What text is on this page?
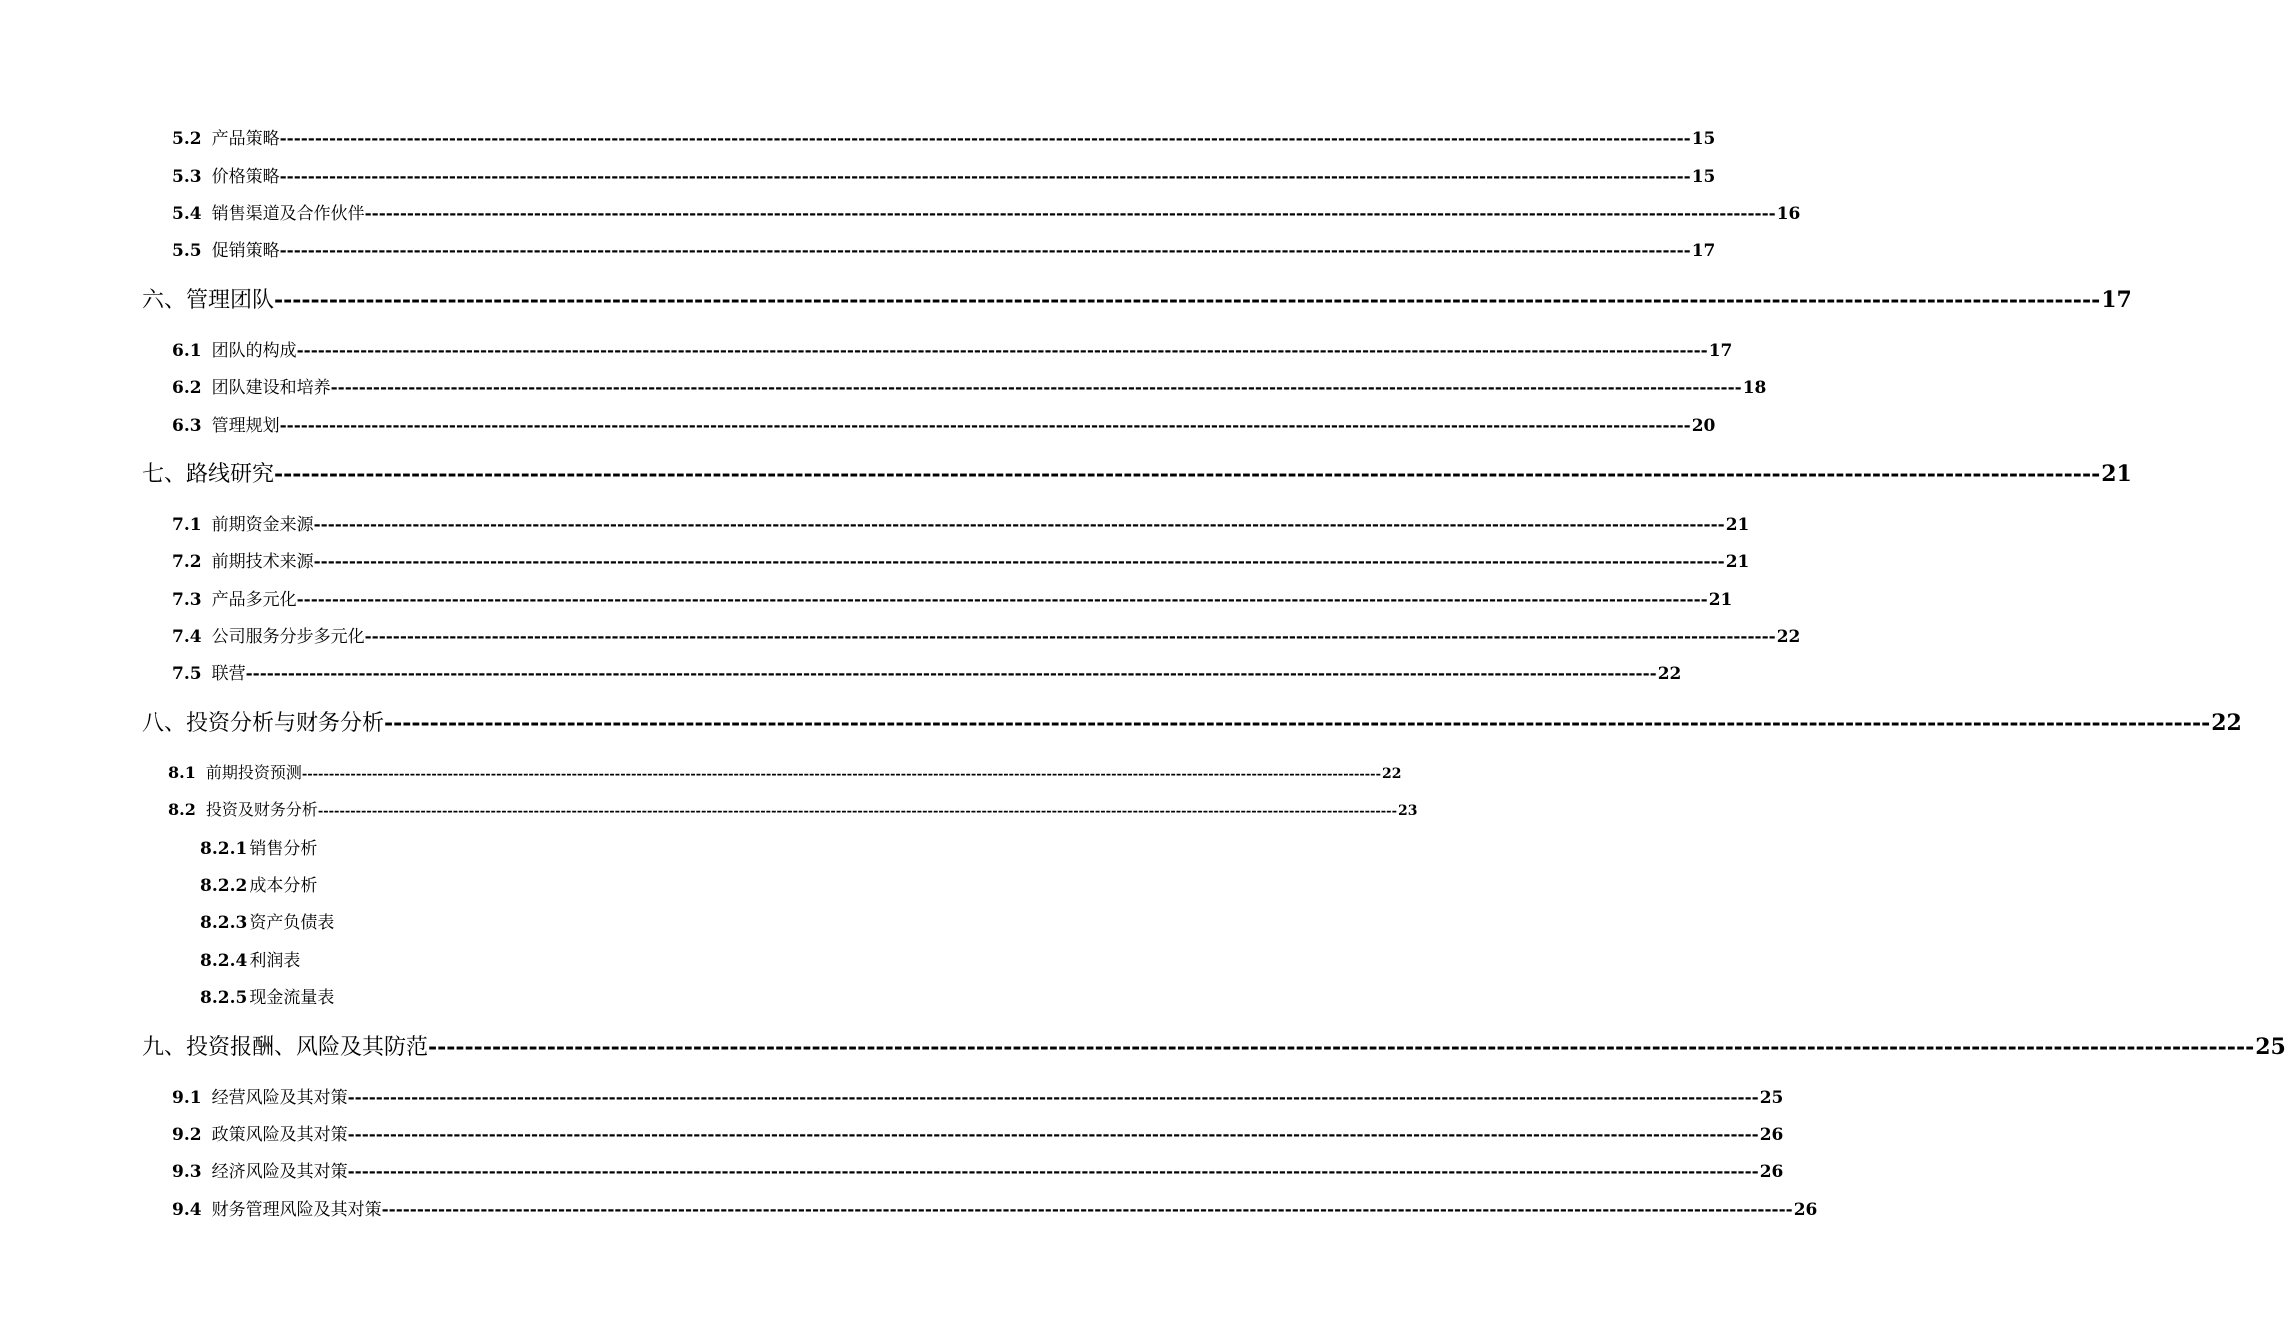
5.2 产品策略 -------------------------------------------------------------------------------------------------------------------------------------------------------------------------------------------------------- 15
5.3 价格策略 -------------------------------------------------------------------------------------------------------------------------------------------------------------------------------------------------------- 15
5.4 销售渠道及合作伙伴 -------------------------------------------------------------------------------------------------------------------------------------------------------------------------------------------------------- 16
5.5 促销策略 -------------------------------------------------------------------------------------------------------------------------------------------------------------------------------------------------------- 17
六、 管理团队 -------------------------------------------------------------------------------------------------------------------------------------------------------------------------------------------------------- 17
6.1 团队的构成 -------------------------------------------------------------------------------------------------------------------------------------------------------------------------------------------------------- 17
6.2 团队建设和培养 -------------------------------------------------------------------------------------------------------------------------------------------------------------------------------------------------------- 18
6.3 管理规划 -------------------------------------------------------------------------------------------------------------------------------------------------------------------------------------------------------- 20
七、 路线研究 -------------------------------------------------------------------------------------------------------------------------------------------------------------------------------------------------------- 21
7.1 前期资金来源 -------------------------------------------------------------------------------------------------------------------------------------------------------------------------------------------------------- 21
7.2 前期技术来源 -------------------------------------------------------------------------------------------------------------------------------------------------------------------------------------------------------- 21
7.3 产品多元化 -------------------------------------------------------------------------------------------------------------------------------------------------------------------------------------------------------- 21
7.4 公司服务分步多元化 -------------------------------------------------------------------------------------------------------------------------------------------------------------------------------------------------------- 22
7.5 联营 -------------------------------------------------------------------------------------------------------------------------------------------------------------------------------------------------------- 22
八、 投资分析与财务分析 -------------------------------------------------------------------------------------------------------------------------------------------------------------------------------------------------------- 22
8.1 前期投资预测 -------------------------------------------------------------------------------------------------------------------------------------------------------------------------------------------------------- 22
8.2 投资及财务分析 -------------------------------------------------------------------------------------------------------------------------------------------------------------------------------------------------------- 23
8.2.1 销售分析
8.2.2 成本分析
8.2.3 资产负债表
8.2.4 利润表
8.2.5 现金流量表
九、 投资报酬、风险及其防范 -------------------------------------------------------------------------------------------------------------------------------------------------------------------------------------------------------- 25
9.1 经营风险及其对策 -------------------------------------------------------------------------------------------------------------------------------------------------------------------------------------------------------- 25
9.2 政策风险及其对策 -------------------------------------------------------------------------------------------------------------------------------------------------------------------------------------------------------- 26
9.3 经济风险及其对策 -------------------------------------------------------------------------------------------------------------------------------------------------------------------------------------------------------- 26
9.4 财务管理风险及其对策 -------------------------------------------------------------------------------------------------------------------------------------------------------------------------------------------------------- 26
